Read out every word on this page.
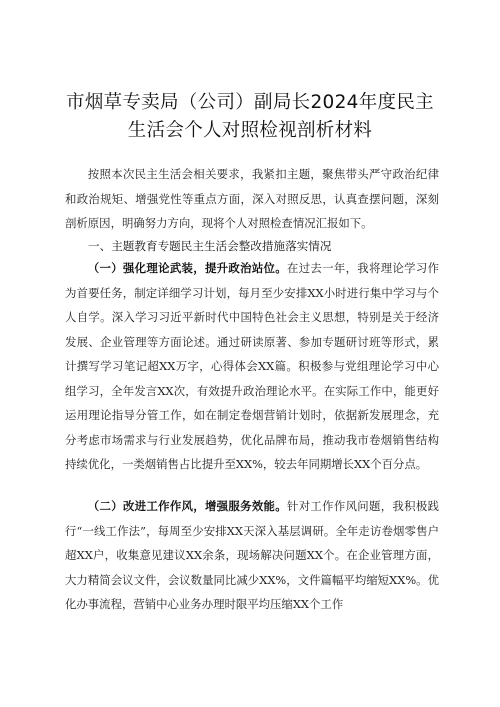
市烟草专卖局（公司）副局长2024年度民主
生活会个人对照检视剖析材料

按照本次民主生活会相关要求，我紧扣主题，聚焦带头严守政治纪律和政治规矩、增强党性等重点方面，深入对照反思，认真查摆问题，深刻剖析原因，明确努力方向，现将个人对照检查情况汇报如下。

一、主题教育专题民主生活会整改措施落实情况

（一）强化理论武装，提升政治站位。在过去一年，我将理论学习作为首要任务，制定详细学习计划，每月至少安排XX小时进行集中学习与个人自学。深入学习习近平新时代中国特色社会主义思想，特别是关于经济发展、企业管理等方面论述。通过研读原著、参加专题研讨班等形式，累计撰写学习笔记超XX万字，心得体会XX篇。积极参与党组理论学习中心组学习，全年发言XX次，有效提升政治理论水平。在实际工作中，能更好运用理论指导分管工作，如在制定卷烟营销计划时，依据新发展理念，充分考虑市场需求与行业发展趋势，优化品牌布局，推动我市卷烟销售结构持续优化，一类烟销售占比提升至XX%，较去年同期增长XX个百分点。

（二）改进工作作风，增强服务效能。针对工作作风问题，我积极践行“一线工作法”，每周至少安排XX天深入基层调研。全年走访卷烟零售户超XX户，收集意见建议XX余条，现场解决问题XX个。在企业管理方面，大力精简会议文件，会议数量同比减少XX%，文件篇幅平均缩短XX%。优化办事流程，营销中心业务办理时限平均压缩XX个工作
